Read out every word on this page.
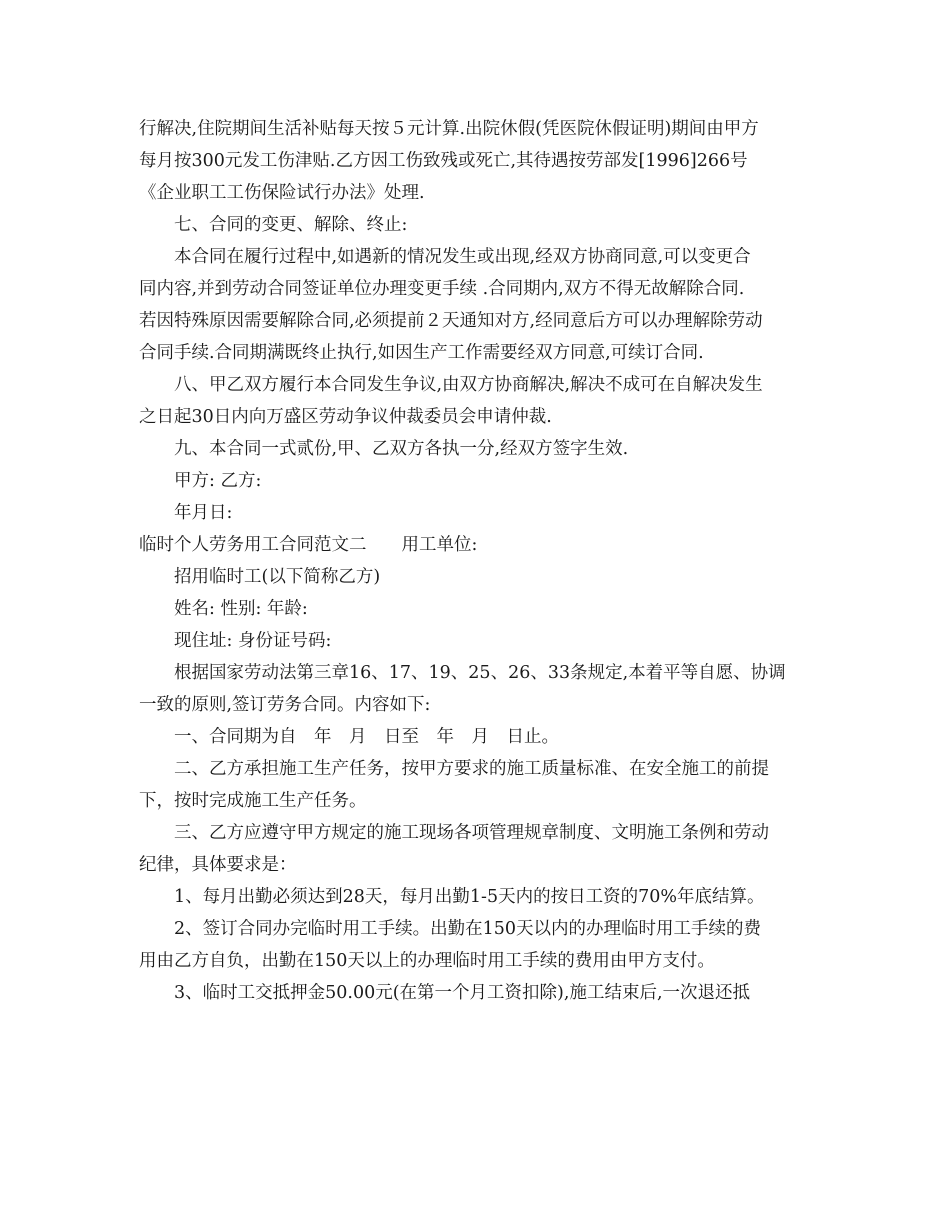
行解决,住院期间生活补贴每天按５元计算.出院休假(凭医院休假证明)期间由甲方
每月按300元发工伤津贴.乙方因工伤致残或死亡,其待遇按劳部发[1996]266号
《企业职工工伤保险试行办法》处理.
七、合同的变更、解除、终止:
本合同在履行过程中,如遇新的情况发生或出现,经双方协商同意,可以变更合
同内容,并到劳动合同签证单位办理变更手续 .合同期内,双方不得无故解除合同.
若因特殊原因需要解除合同,必须提前２天通知对方,经同意后方可以办理解除劳动
合同手续.合同期满既终止执行,如因生产工作需要经双方同意,可续订合同.
八、甲乙双方履行本合同发生争议,由双方协商解决,解决不成可在自解决发生
之日起30日内向万盛区劳动争议仲裁委员会申请仲裁.
九、本合同一式贰份,甲、乙双方各执一分,经双方签字生效.
甲方: 乙方:
年月日:
临时个人劳务用工合同范文二　　用工单位:
招用临时工(以下简称乙方)
姓名: 性别: 年龄:
现住址: 身份证号码:
根据国家劳动法第三章16、17、19、25、26、33条规定,本着平等自愿、协调
一致的原则,签订劳务合同。内容如下:
一、合同期为自　年　月　日至　年　月　日止。
二、乙方承担施工生产任务，按甲方要求的施工质量标准、在安全施工的前提
下，按时完成施工生产任务。
三、乙方应遵守甲方规定的施工现场各项管理规章制度、文明施工条例和劳动
纪律，具体要求是：
1、每月出勤必须达到28天，每月出勤1-5天内的按日工资的70%年底结算。
2、签订合同办完临时用工手续。出勤在150天以内的办理临时用工手续的费
用由乙方自负，出勤在150天以上的办理临时用工手续的费用由甲方支付。
3、临时工交抵押金50.00元(在第一个月工资扣除),施工结束后,一次退还抵
